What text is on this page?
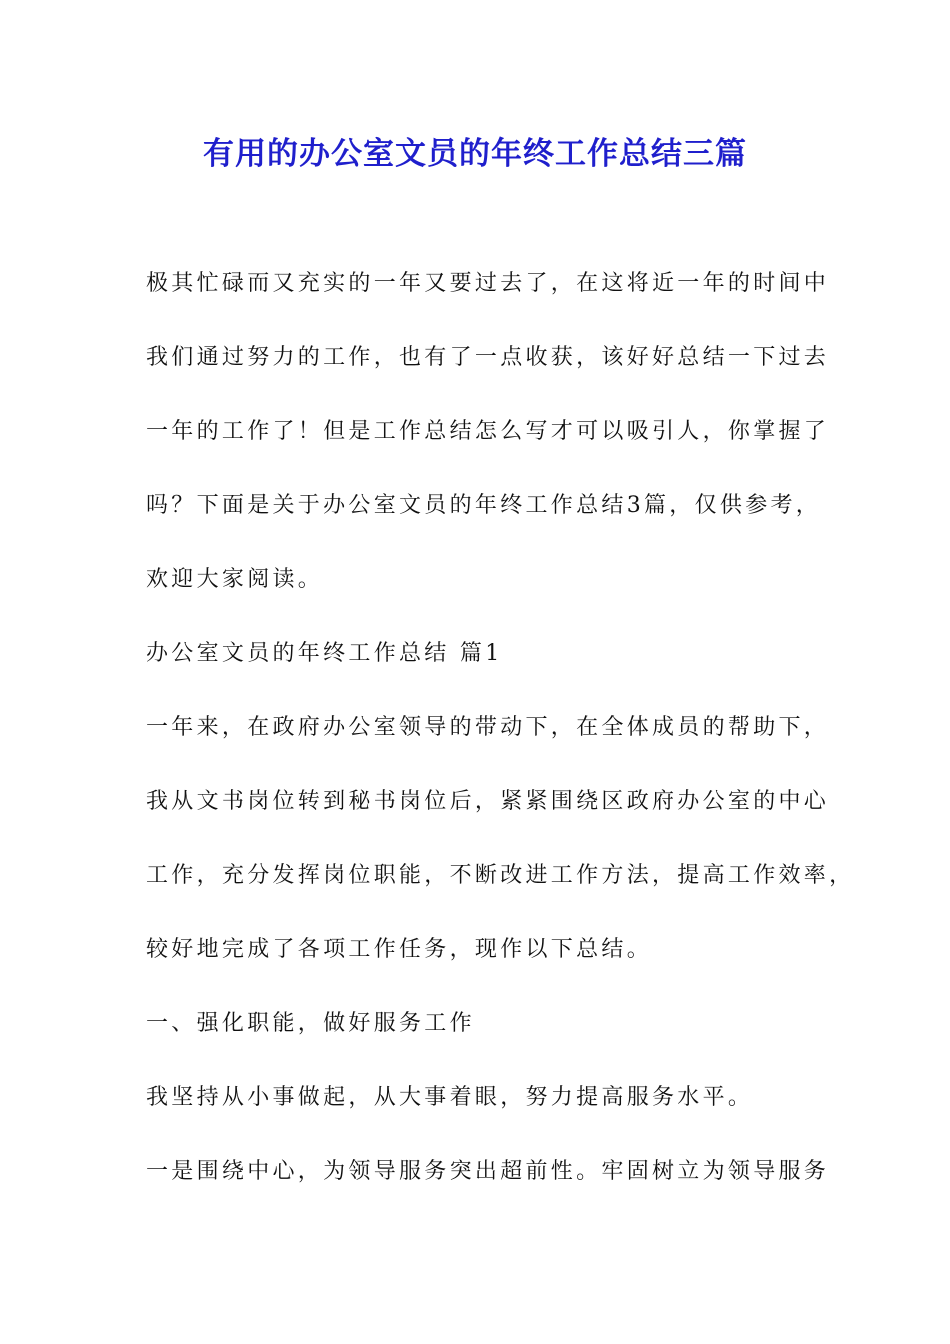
有用的办公室文员的年终工作总结三篇
极其忙碌而又充实的一年又要过去了，在这将近一年的时间中
我们通过努力的工作，也有了一点收获，该好好总结一下过去
一年的工作了！但是工作总结怎么写才可以吸引人，你掌握了
吗？下面是关于办公室文员的年终工作总结3篇，仅供参考，
欢迎大家阅读。
办公室文员的年终工作总结 篇1
一年来，在政府办公室领导的带动下，在全体成员的帮助下，
我从文书岗位转到秘书岗位后，紧紧围绕区政府办公室的中心
工作，充分发挥岗位职能，不断改进工作方法，提高工作效率，
较好地完成了各项工作任务，现作以下总结。
一、强化职能，做好服务工作
我坚持从小事做起，从大事着眼，努力提高服务水平。
一是围绕中心，为领导服务突出超前性。牢固树立为领导服务
